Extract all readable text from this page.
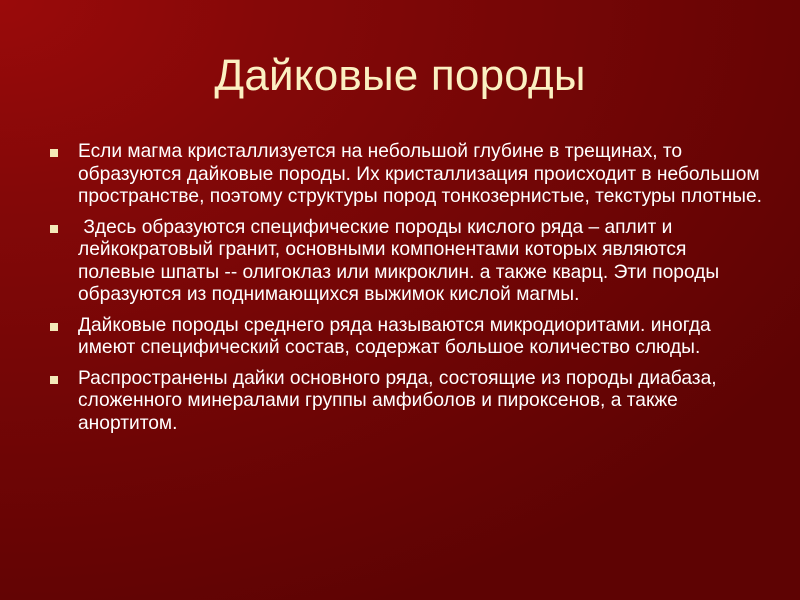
Дайковые породы
Если магма кристаллизуется на небольшой глубине в трещинах, то образуются дайковые породы. Их кристаллизация происходит в небольшом пространстве, поэтому структуры пород тонкозернистые, текстуры плотные.
Здесь образуются специфические породы кислого ряда – аплит и лейкократовый гранит, основными компонентами которых являются полевые шпаты -- олигоклаз или микроклин. а также кварц. Эти породы образуются из поднимающихся выжимок кислой магмы.
Дайковые породы среднего ряда называются микродиоритами. иногда имеют специфический состав, содержат большое количество слюды.
Распространены дайки основного ряда, состоящие из породы диабаза, сложенного минералами группы амфиболов и пироксенов, а также анортитом.
